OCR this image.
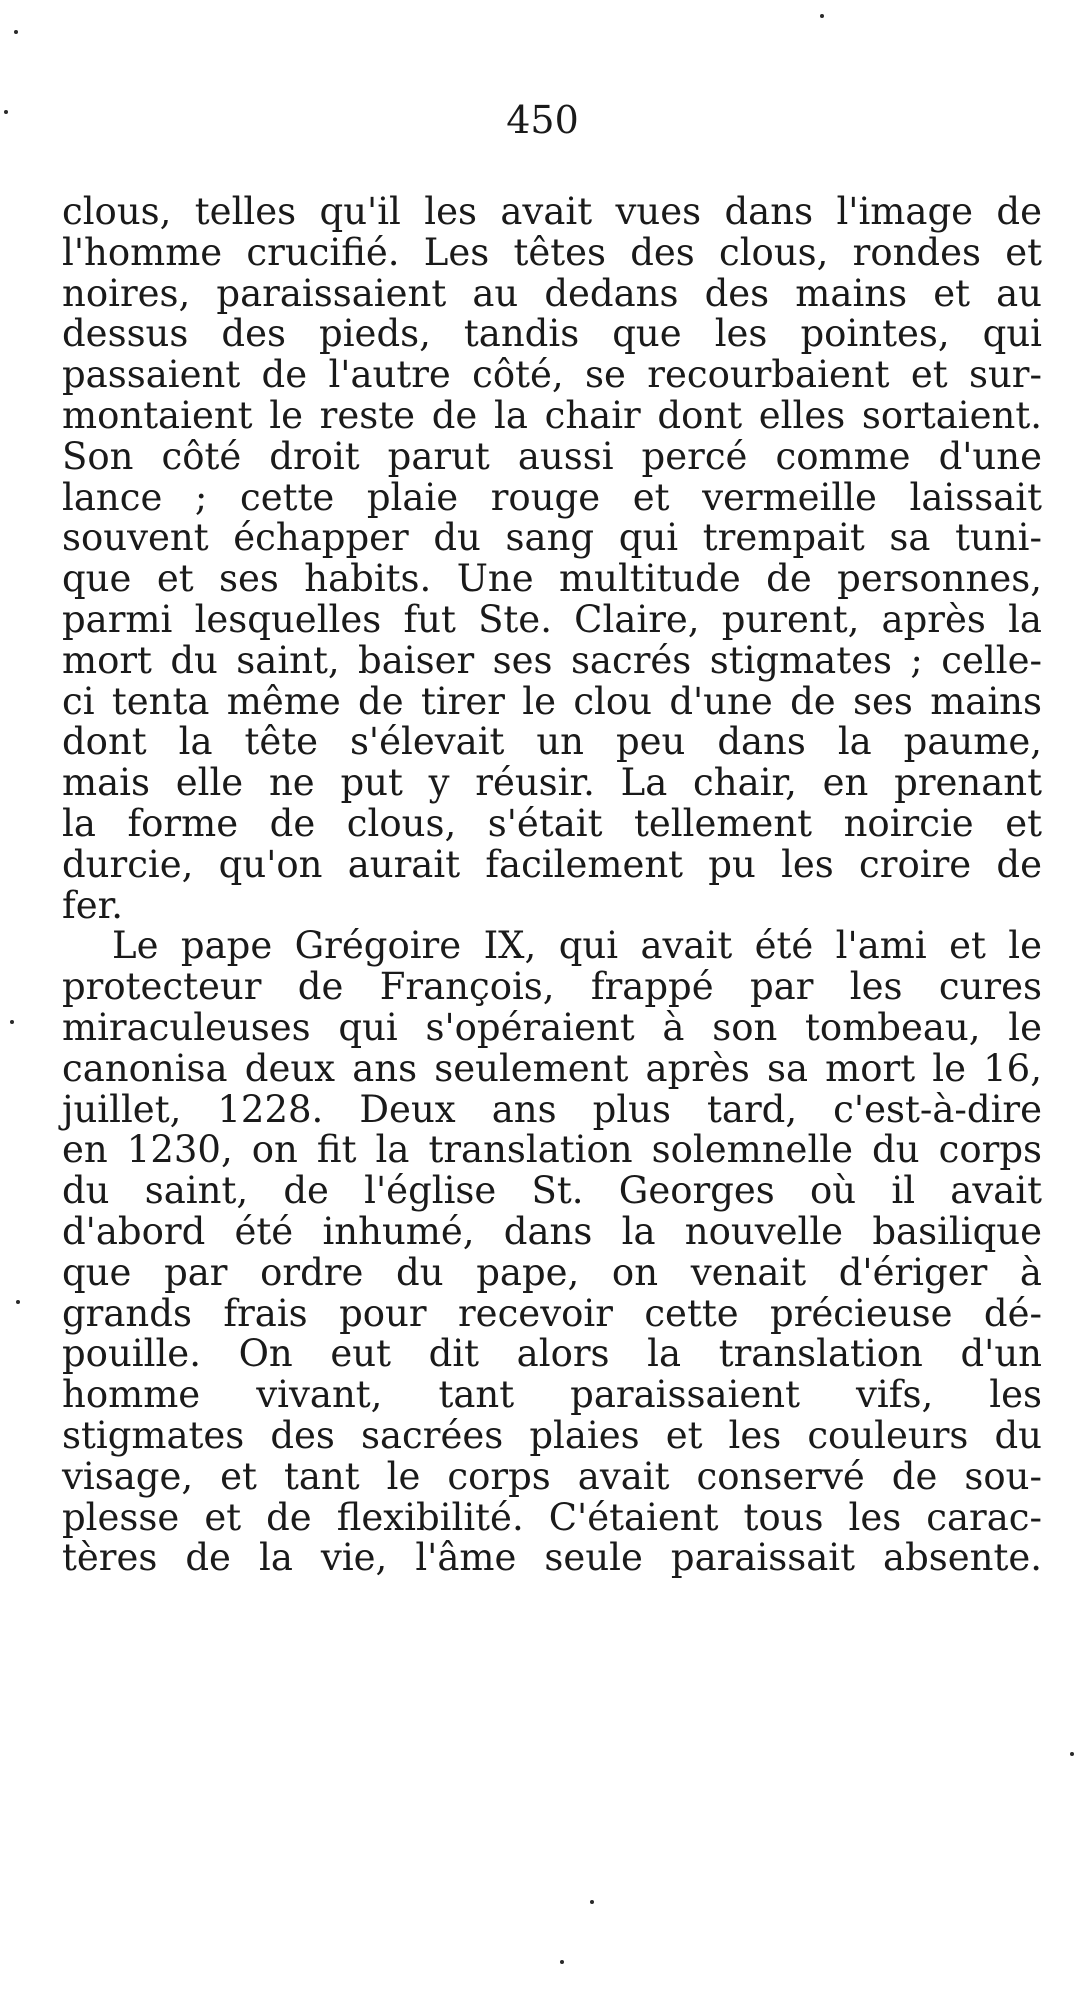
450
clous, telles qu'il les avait vues dans l'image de
l'homme crucifié. Les têtes des clous, rondes et
noires, paraissaient au dedans des mains et au
dessus des pieds, tandis que les pointes, qui
passaient de l'autre côté, se recourbaient et sur-
montaient le reste de la chair dont elles sortaient.
Son côté droit parut aussi percé comme d'une
lance ; cette plaie rouge et vermeille laissait
souvent échapper du sang qui trempait sa tuni-
que et ses habits. Une multitude de personnes,
parmi lesquelles fut Ste. Claire, purent, après la
mort du saint, baiser ses sacrés stigmates ; celle-
ci tenta même de tirer le clou d'une de ses mains
dont la tête s'élevait un peu dans la paume,
mais elle ne put y réusir. La chair, en prenant
la forme de clous, s'était tellement noircie et
durcie, qu'on aurait facilement pu les croire de
fer.
Le pape Grégoire IX, qui avait été l'ami et le
protecteur de François, frappé par les cures
miraculeuses qui s'opéraient à son tombeau, le
canonisa deux ans seulement après sa mort le 16,
juillet, 1228. Deux ans plus tard, c'est-à-dire
en 1230, on fit la translation solemnelle du corps
du saint, de l'église St. Georges où il avait
d'abord été inhumé, dans la nouvelle basilique
que par ordre du pape, on venait d'ériger à
grands frais pour recevoir cette précieuse dé-
pouille. On eut dit alors la translation d'un
homme vivant, tant paraissaient vifs, les
stigmates des sacrées plaies et les couleurs du
visage, et tant le corps avait conservé de sou-
plesse et de flexibilité. C'étaient tous les carac-
tères de la vie, l'âme seule paraissait absente.
